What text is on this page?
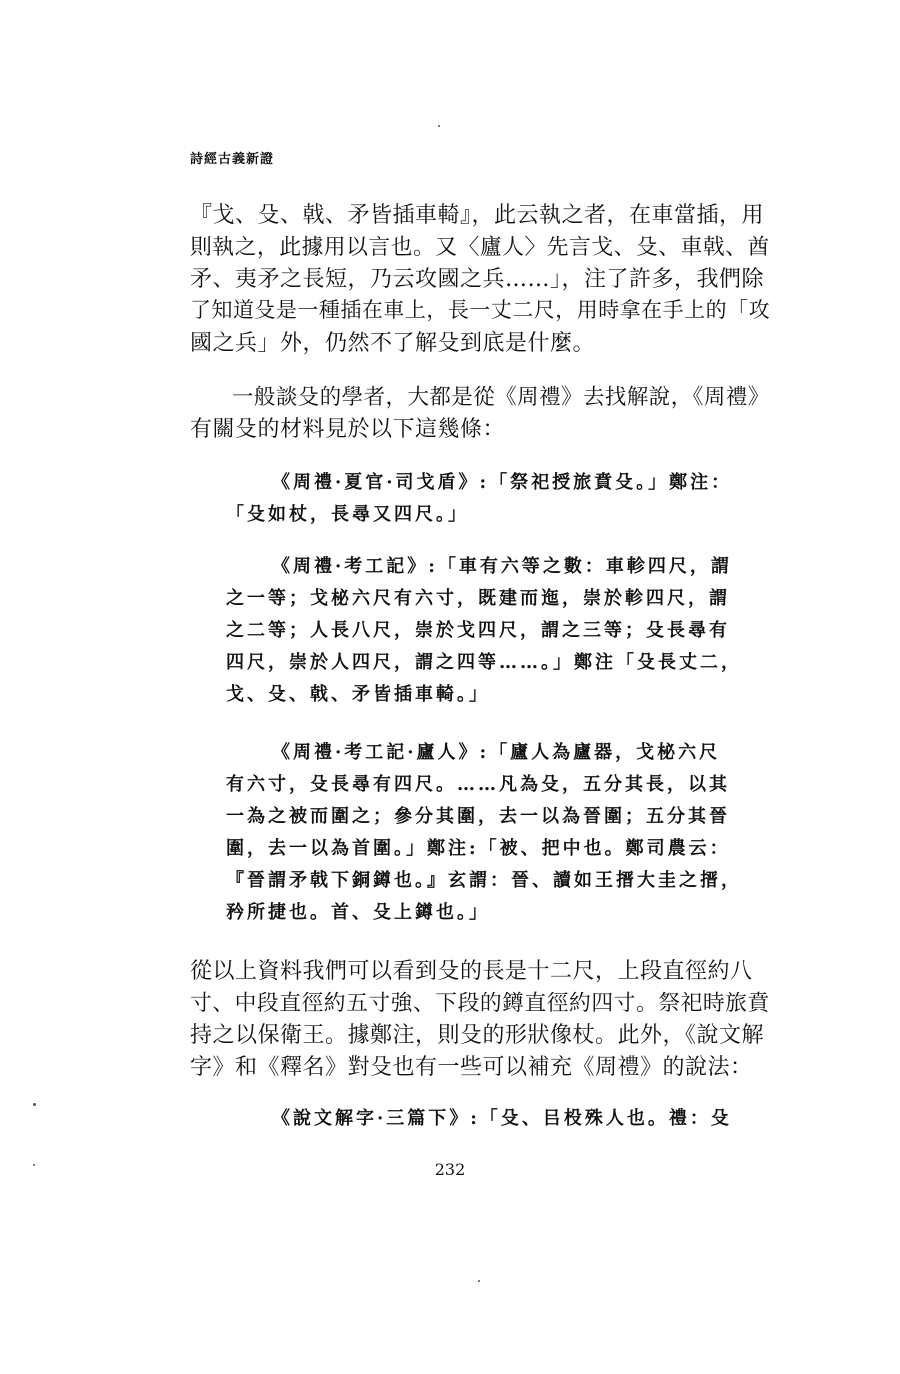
詩經古義新證
『戈、殳、戟、矛皆插車輢』，此云執之者，在車當插，用
則執之，此據用以言也。又〈廬人〉先言戈、殳、車戟、酋
矛、夷矛之長短，乃云攻國之兵……」，注了許多，我們除
了知道殳是一種插在車上，長一丈二尺，用時拿在手上的「攻
國之兵」外，仍然不了解殳到底是什麼。
一般談殳的學者，大都是從《周禮》去找解說，《周禮》
有關殳的材料見於以下這幾條：
《周禮·夏官·司戈盾》:「祭祀授旅賁殳。」鄭注：
「殳如杖，長尋又四尺。」
《周禮·考工記》:「車有六等之數：車軫四尺，謂
之一等；戈柲六尺有六寸，既建而迤，崇於軫四尺，謂
之二等；人長八尺，崇於戈四尺，謂之三等；殳長尋有
四尺，崇於人四尺，謂之四等……。」鄭注「殳長丈二，
戈、殳、戟、矛皆插車輢。」
《周禮·考工記·廬人》:「廬人為廬器，戈柲六尺
有六寸，殳長尋有四尺。……凡為殳，五分其長，以其
一為之被而圍之；參分其圍，去一以為晉圍；五分其晉
圍，去一以為首圍。」鄭注:「被、把中也。鄭司農云：
『晉謂矛戟下銅鐏也。』玄謂：晉、讀如王搢大圭之搢，
矜所捷也。首、殳上鐏也。」
從以上資料我們可以看到殳的長是十二尺，上段直徑約八
寸、中段直徑約五寸強、下段的鐏直徑約四寸。祭祀時旅賁
持之以保衛王。據鄭注，則殳的形狀像杖。此外，《說文解
字》和《釋名》對殳也有一些可以補充《周禮》的說法：
《說文解字·三篇下》:「殳、㠯杸殊人也。禮：殳
232
